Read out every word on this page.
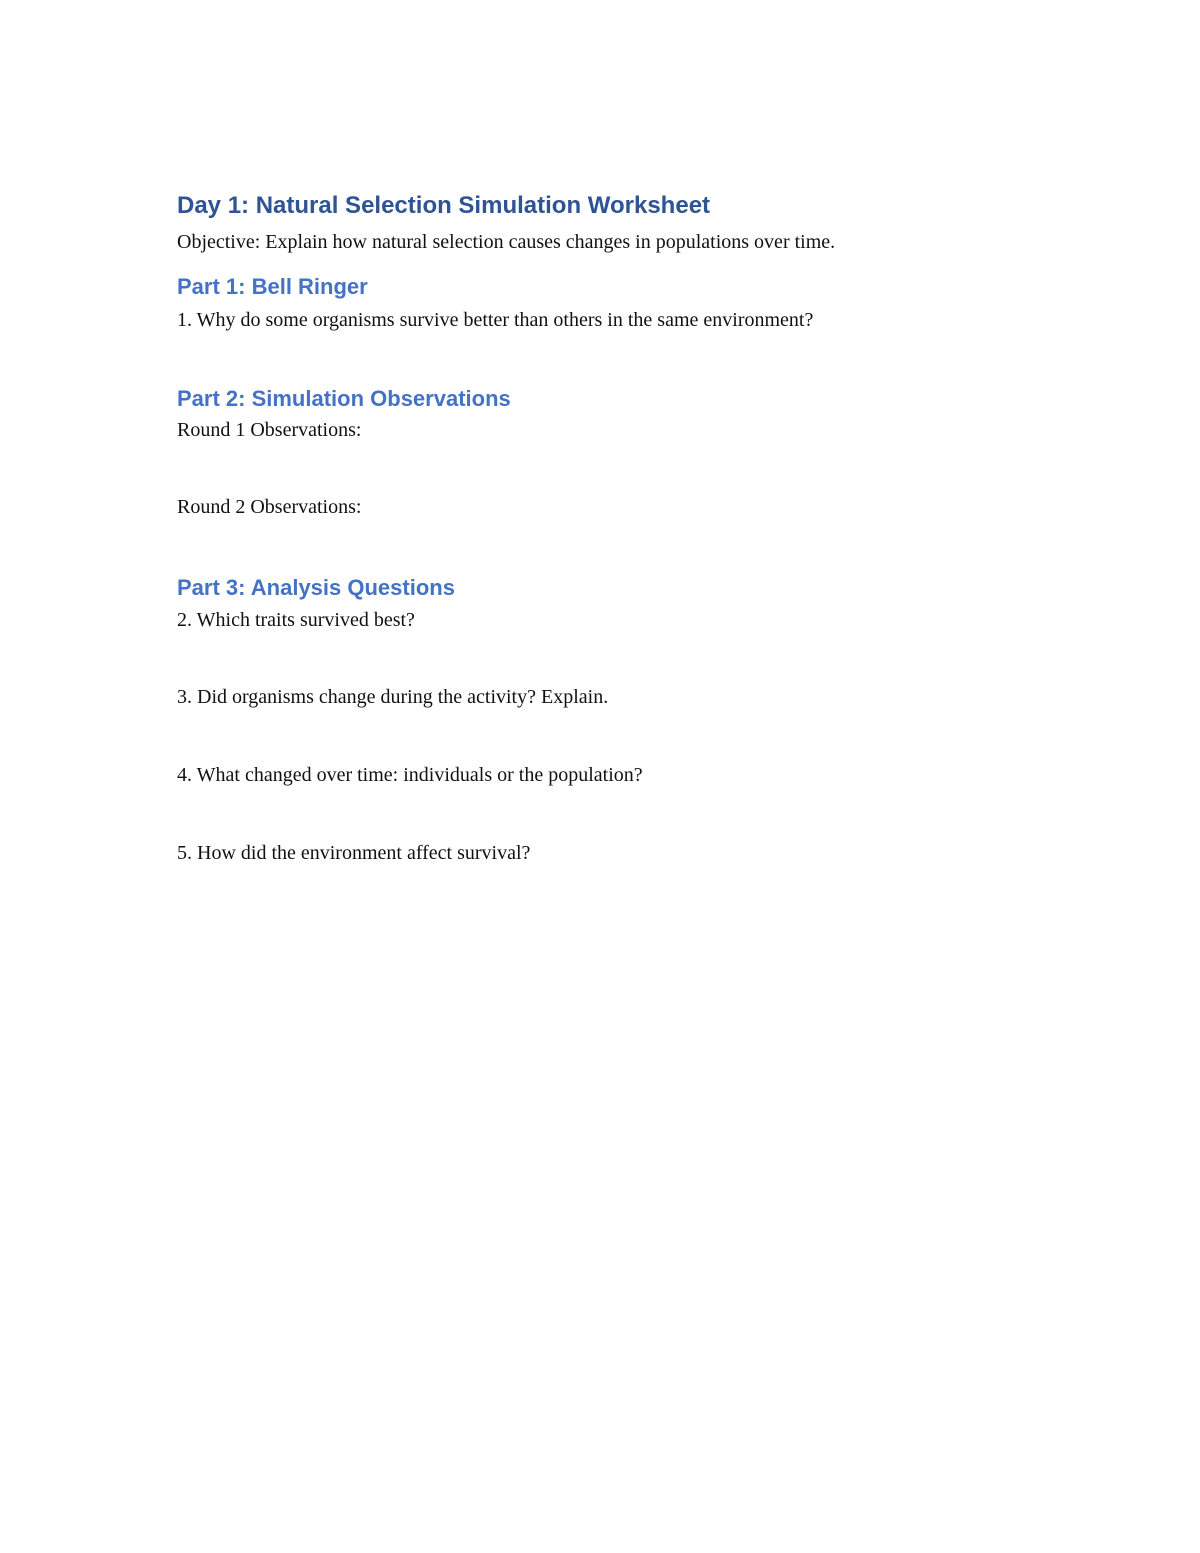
Day 1: Natural Selection Simulation Worksheet

Objective: Explain how natural selection causes changes in populations over time.

Part 1: Bell Ringer

1. Why do some organisms survive better than others in the same environment?

Part 2: Simulation Observations

Round 1 Observations:

Round 2 Observations:

Part 3: Analysis Questions

2. Which traits survived best?

3. Did organisms change during the activity? Explain.

4. What changed over time: individuals or the population?

5. How did the environment affect survival?
